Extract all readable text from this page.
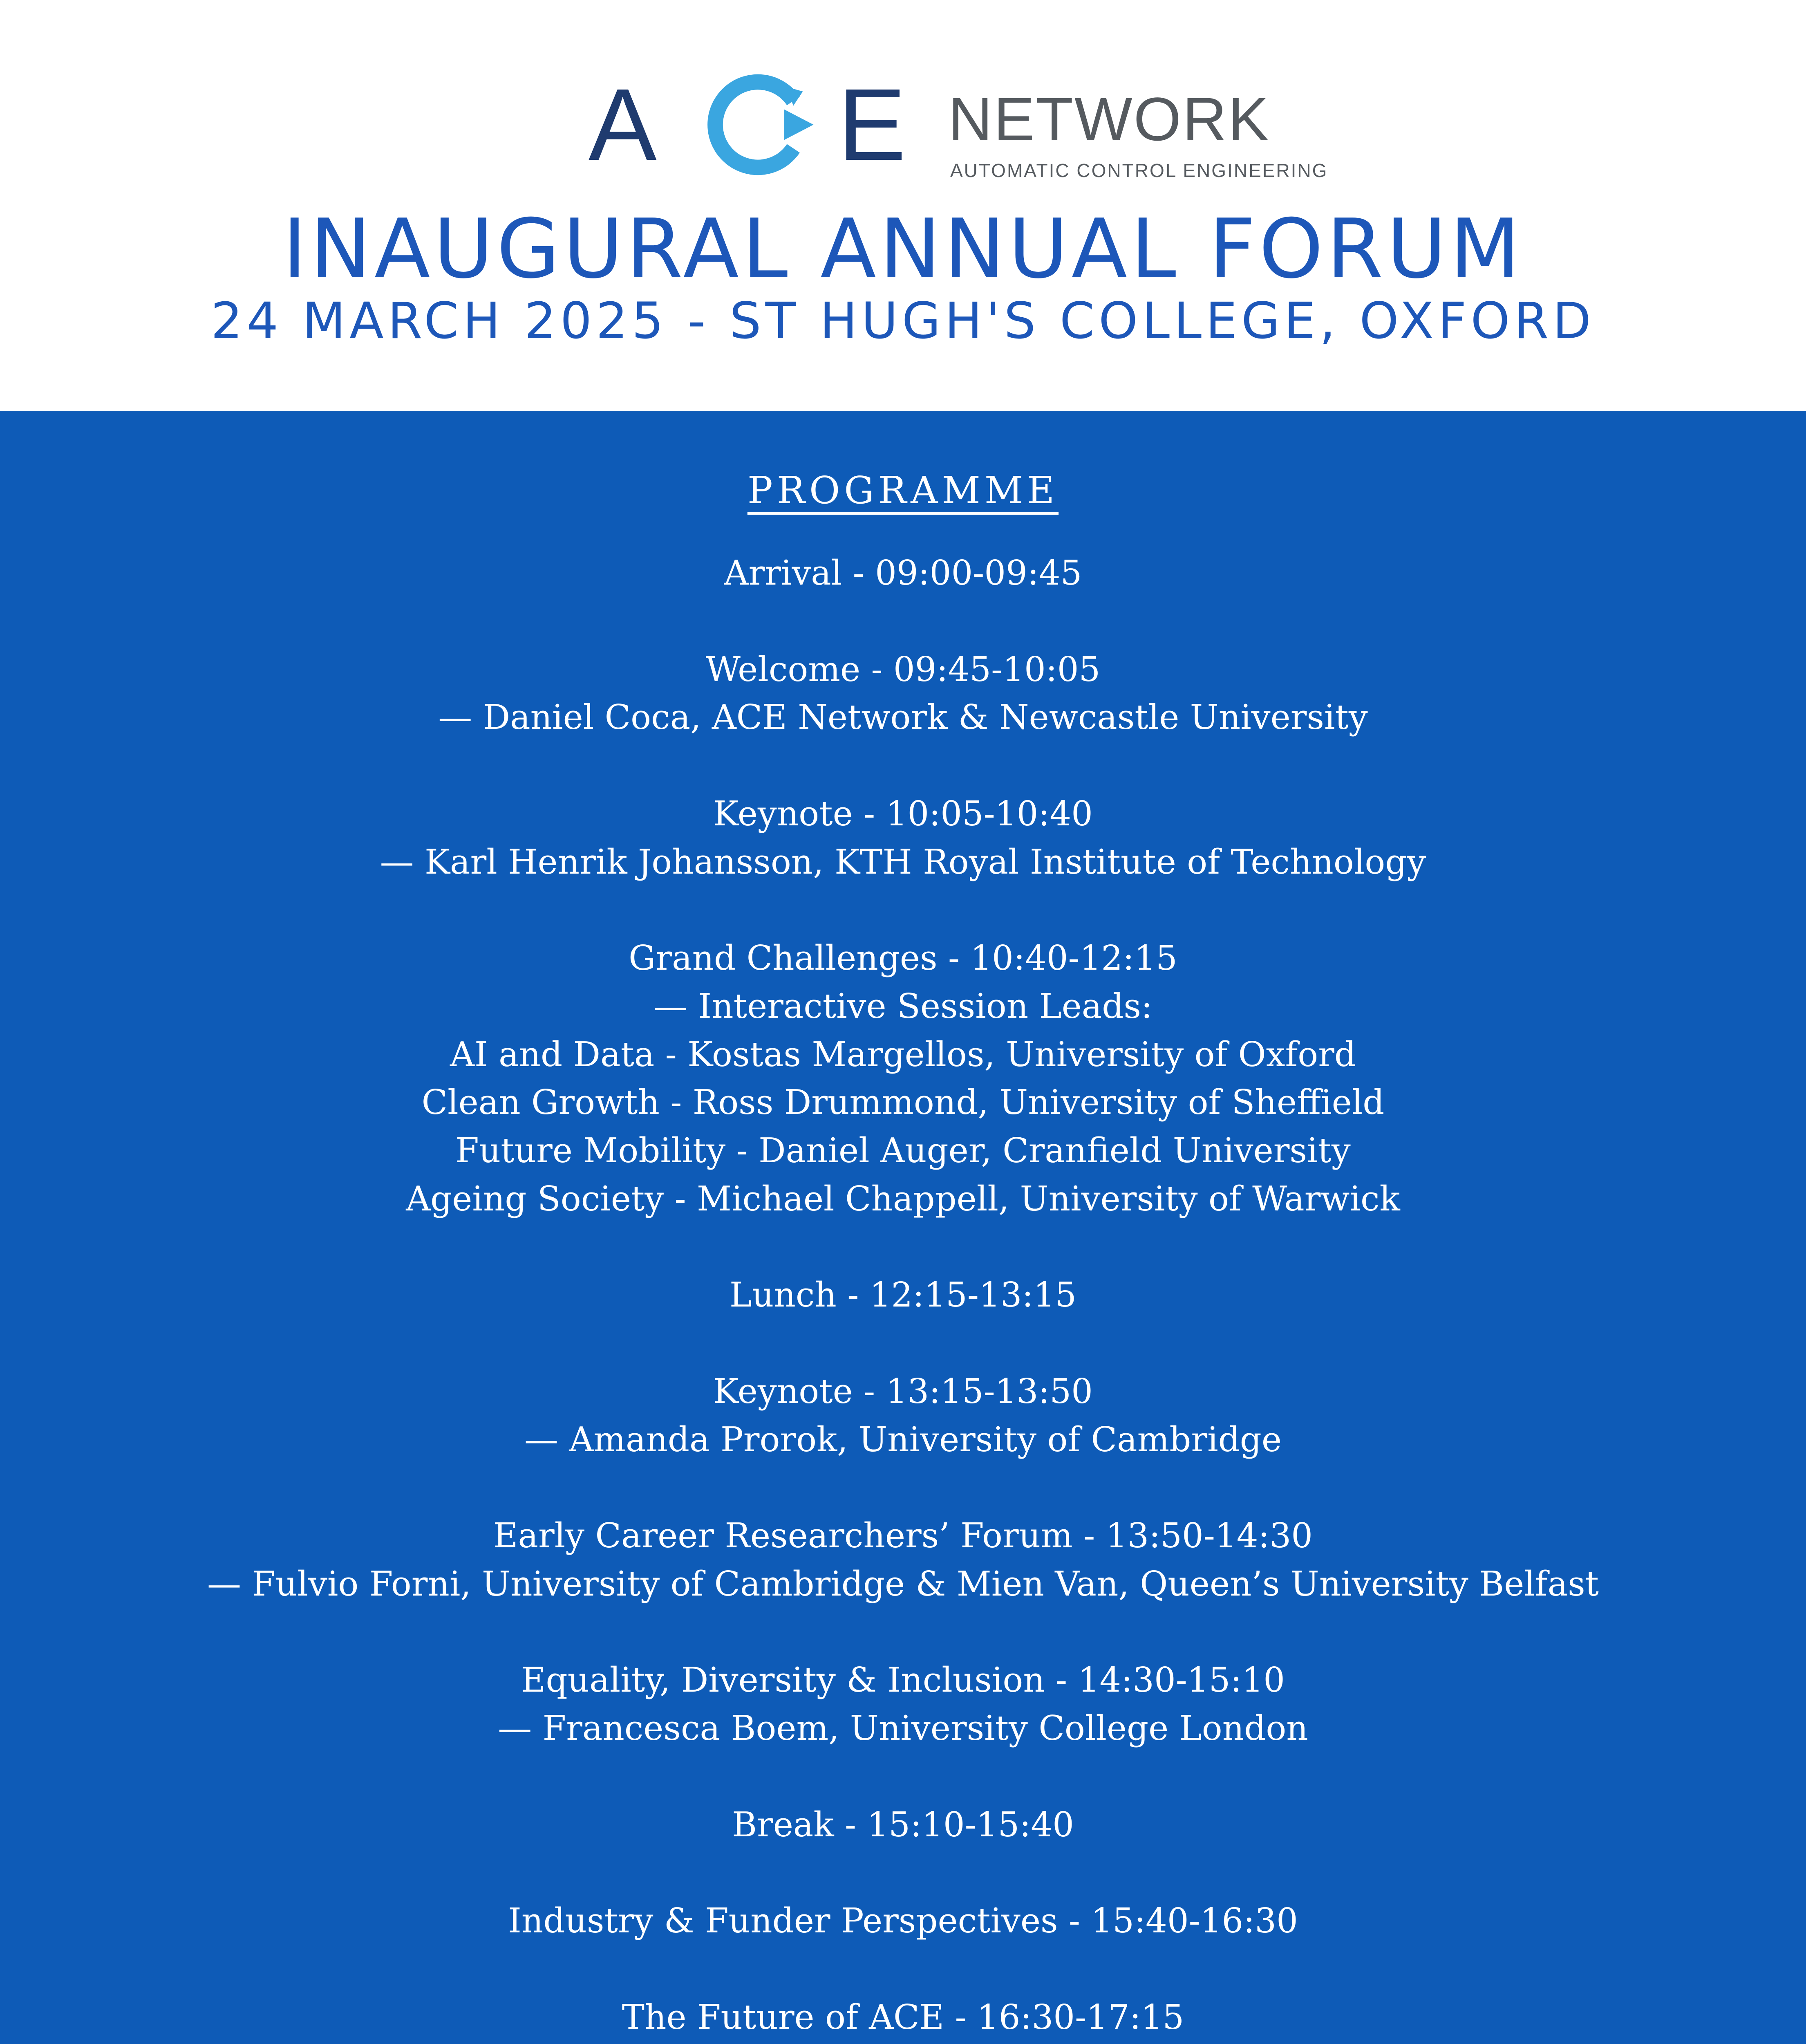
A E NETWORK
AUTOMATIC CONTROL ENGINEERING
INAUGURAL ANNUAL FORUM
24 MARCH 2025 - ST HUGH'S COLLEGE, OXFORD
PROGRAMME
Arrival - 09:00-09:45
Welcome - 09:45-10:05
— Daniel Coca, ACE Network & Newcastle University
Keynote - 10:05-10:40
— Karl Henrik Johansson, KTH Royal Institute of Technology
Grand Challenges - 10:40-12:15
— Interactive Session Leads:
AI and Data - Kostas Margellos, University of Oxford
Clean Growth - Ross Drummond, University of Sheffield
Future Mobility - Daniel Auger, Cranfield University
Ageing Society - Michael Chappell, University of Warwick
Lunch - 12:15-13:15
Keynote - 13:15-13:50
— Amanda Prorok, University of Cambridge
Early Career Researchers’ Forum - 13:50-14:30
— Fulvio Forni, University of Cambridge & Mien Van, Queen’s University Belfast
Equality, Diversity & Inclusion - 14:30-15:10
— Francesca Boem, University College London
Break - 15:10-15:40
Industry & Funder Perspectives - 15:40-16:30
The Future of ACE - 16:30-17:15
